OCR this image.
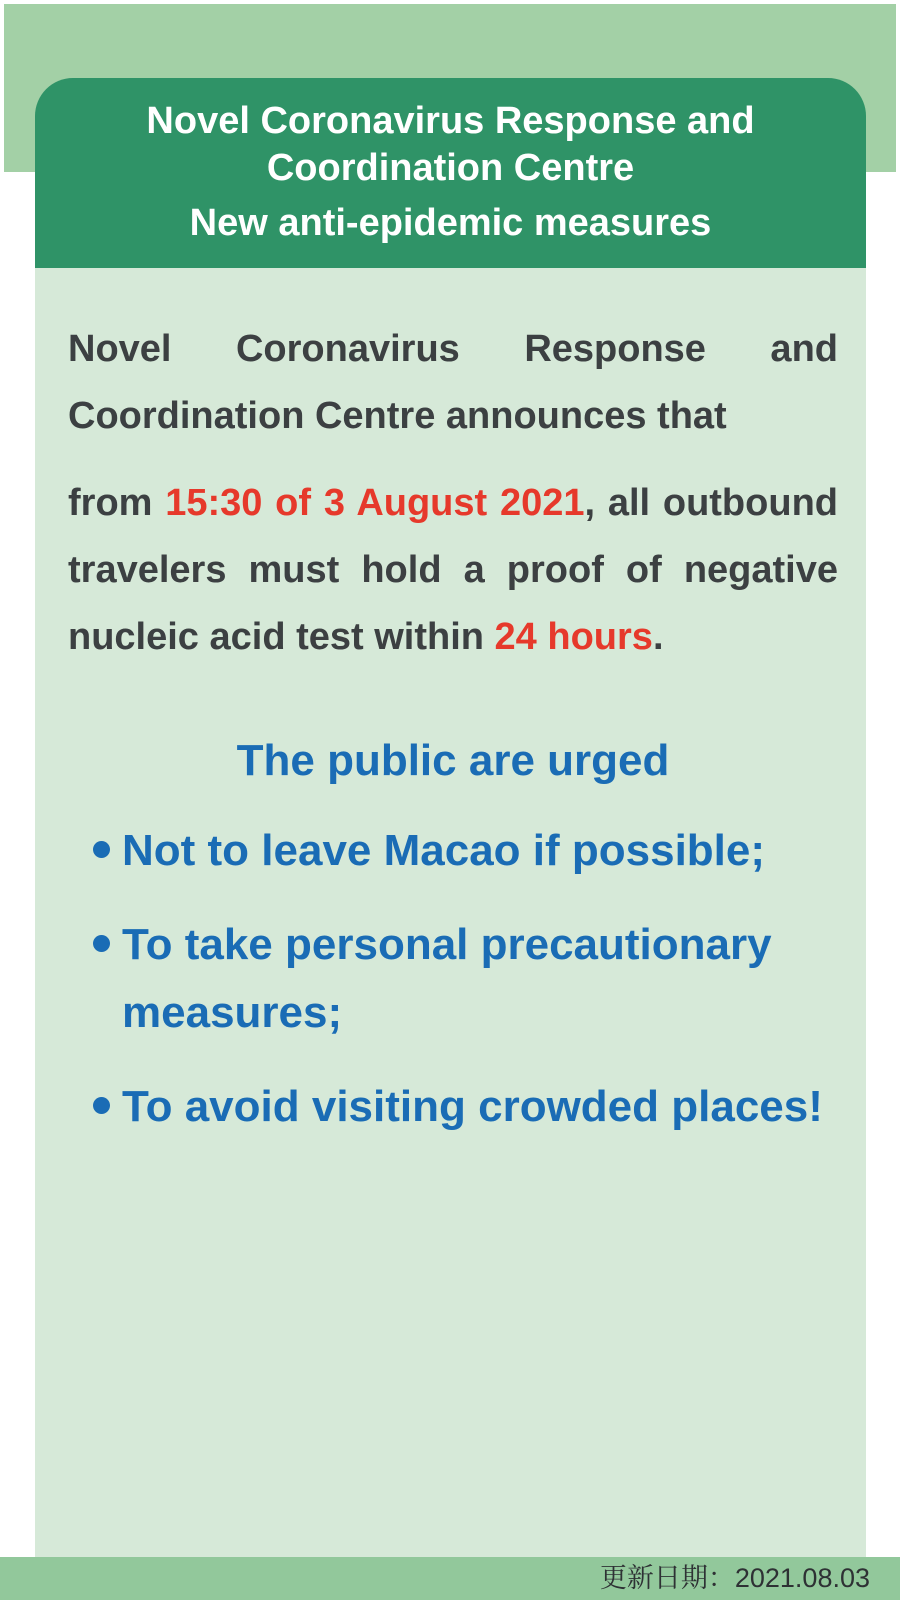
Novel Coronavirus Response and
Coordination Centre
New anti-epidemic measures
Novel Coronavirus Response and
Coordination Centre announces that
from 15:30 of 3 August 2021, all outbound
travelers must hold a proof of negative
nucleic acid test within 24 hours.
The public are urged
Not to leave Macao if possible;
To take personal precautionary
measures;
To avoid visiting crowded places!
更新日期：2021.08.03
